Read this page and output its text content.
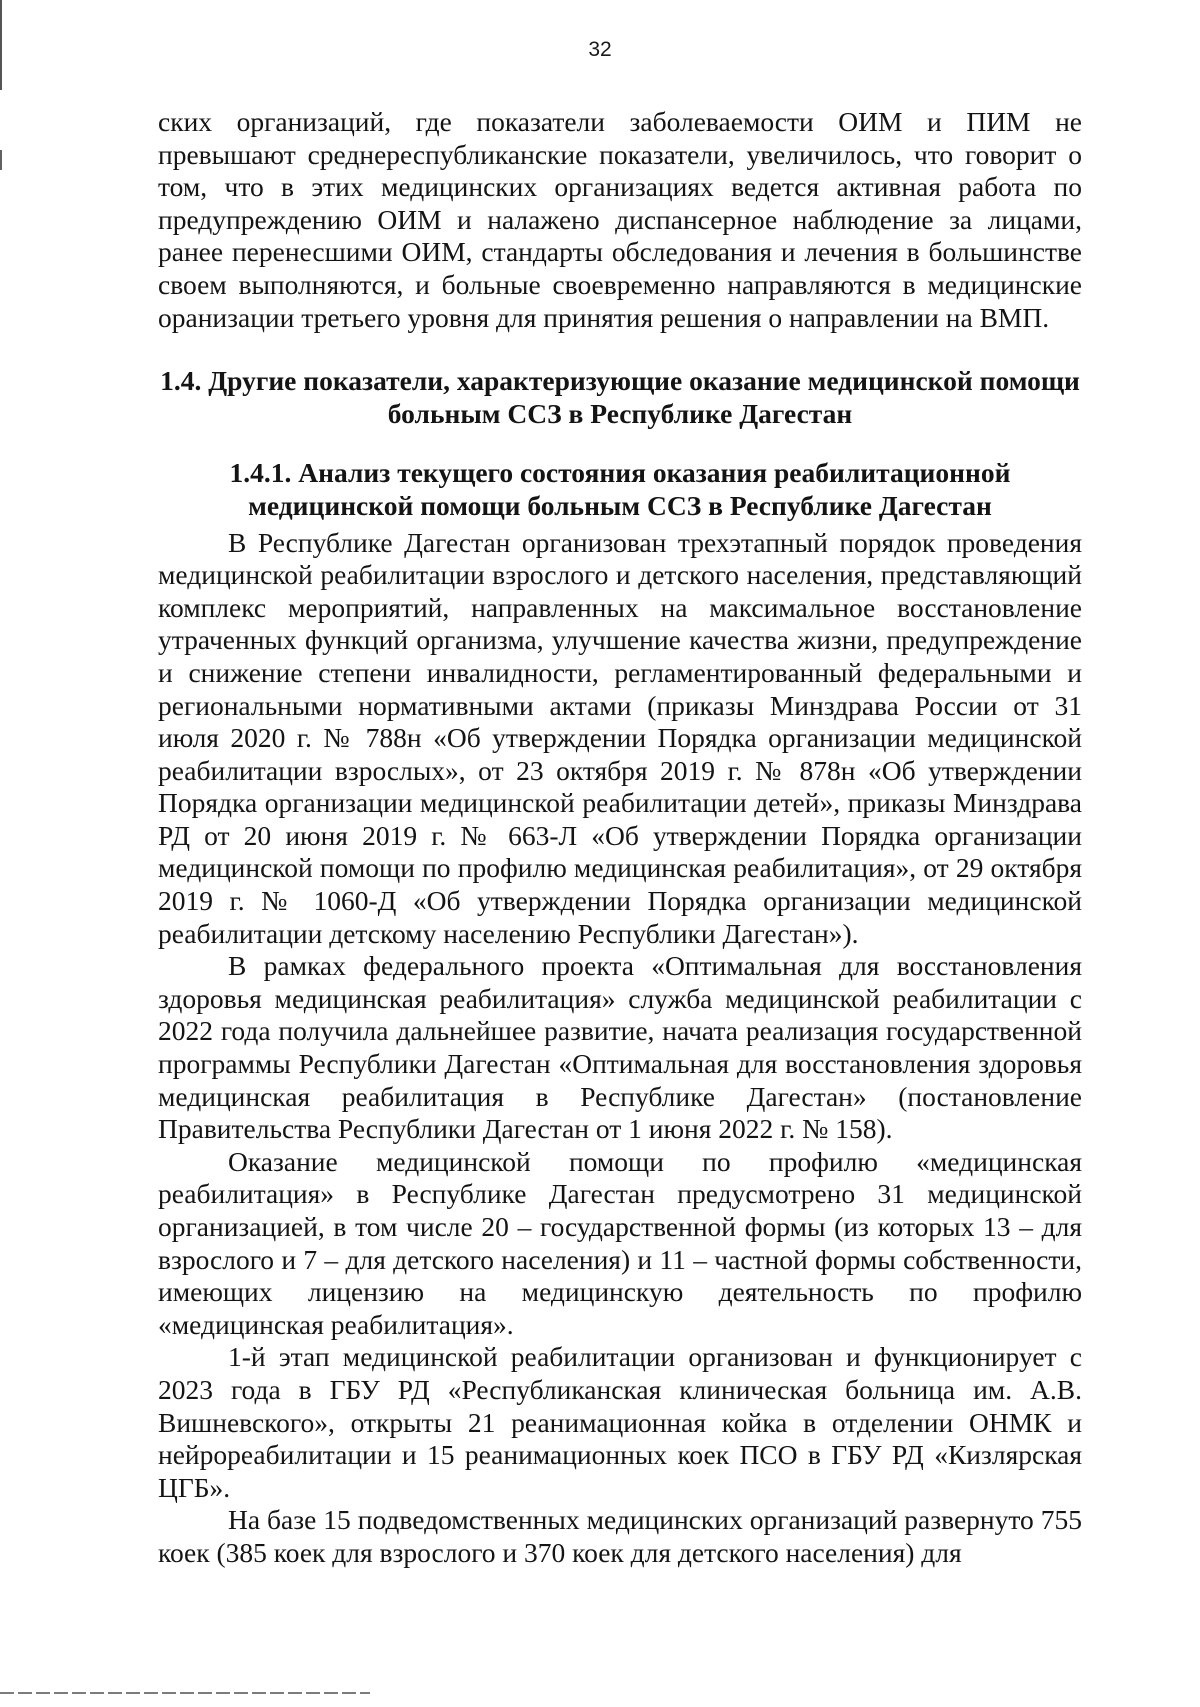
32

ских организаций, где показатели заболеваемости ОИМ и ПИМ не превышают среднереспубликанские показатели, увеличилось, что говорит о том, что в этих медицинских организациях ведется активная работа по предупреждению ОИМ и налажено диспансерное наблюдение за лицами, ранее перенесшими ОИМ, стандарты обследования и лечения в большинстве своем выполняются, и больные своевременно направляются в медицинские оранизации третьего уровня для принятия решения о направлении на ВМП.

1.4. Другие показатели, характеризующие оказание медицинской помощи больным ССЗ в Республике Дагестан
1.4.1. Анализ текущего состояния оказания реабилитационной медицинской помощи больным ССЗ в Республике Дагестан

В Республике Дагестан организован трехэтапный порядок проведения медицинской реабилитации взрослого и детского населения, представляющий комплекс мероприятий, направленных на максимальное восстановление утраченных функций организма, улучшение качества жизни, предупреждение и снижение степени инвалидности, регламентированный федеральными и региональными нормативными актами (приказы Минздрава России от 31 июля 2020 г. № 788н «Об утверждении Порядка организации медицинской реабилитации взрослых», от 23 октября 2019 г. № 878н «Об утверждении Порядка организации медицинской реабилитации детей», приказы Минздрава РД от 20 июня 2019 г. № 663-Л «Об утверждении Порядка организации медицинской помощи по профилю медицинская реабилитация», от 29 октября 2019 г. № 1060-Д «Об утверждении Порядка организации медицинской реабилитации детскому населению Республики Дагестан»).

В рамках федерального проекта «Оптимальная для восстановления здоровья медицинская реабилитация» служба медицинской реабилитации с 2022 года получила дальнейшее развитие, начата реализация государственной программы Республики Дагестан «Оптимальная для восстановления здоровья медицинская реабилитация в Республике Дагестан» (постановление Правительства Республики Дагестан от 1 июня 2022 г. № 158).

Оказание медицинской помощи по профилю «медицинская реабилитация» в Республике Дагестан предусмотрено 31 медицинской организацией, в том числе 20 – государственной формы (из которых 13 – для взрослого и 7 – для детского населения) и 11 – частной формы собственности, имеющих лицензию на медицинскую деятельность по профилю «медицинская реабилитация».

1-й этап медицинской реабилитации организован и функционирует с 2023 года в ГБУ РД «Республиканская клиническая больница им. А.В. Вишневского», открыты 21 реанимационная койка в отделении ОНМК и нейрореабилитации и 15 реанимационных коек ПСО в ГБУ РД «Кизлярская ЦГБ».

На базе 15 подведомственных медицинских организаций развернуто 755 коек (385 коек для взрослого и 370 коек для детского населения) для
